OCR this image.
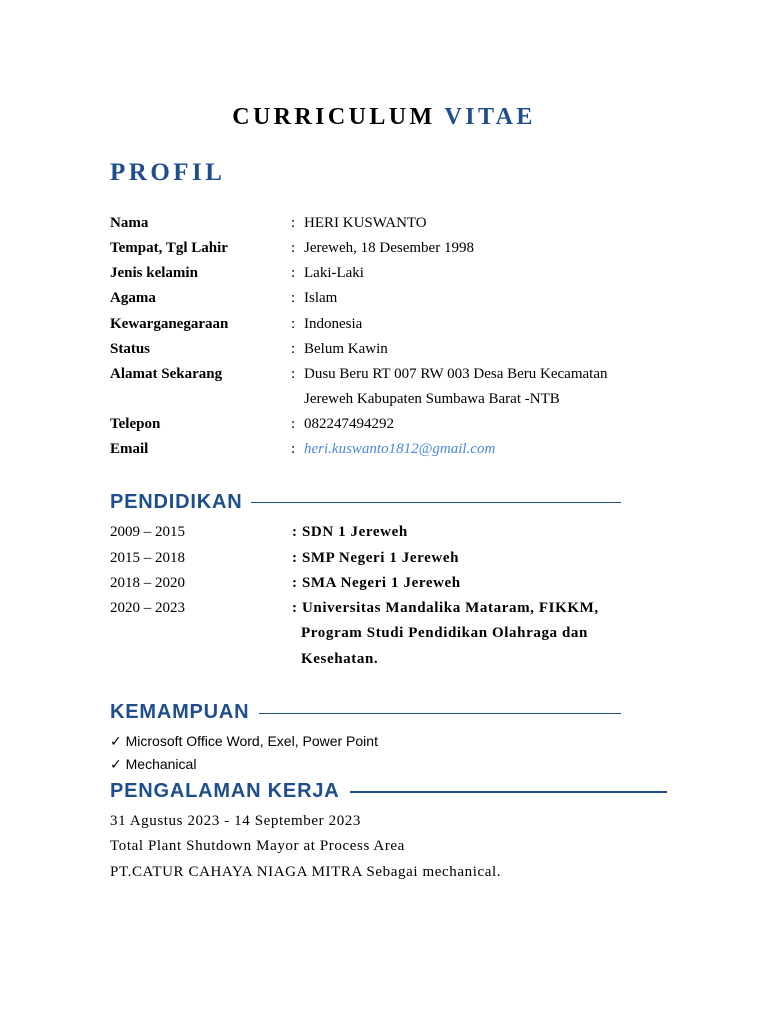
CURRICULUM VITAE
PROFIL
Nama	: HERI KUSWANTO
Tempat, Tgl Lahir	: Jereweh, 18 Desember 1998
Jenis kelamin	: Laki-Laki
Agama	: Islam
Kewarganegaraan	: Indonesia
Status	: Belum Kawin
Alamat Sekarang	: Dusu Beru RT 007 RW 003 Desa Beru Kecamatan
Jereweh Kabupaten Sumbawa Barat -NTB
Telepon	: 082247494292
Email	: heri.kuswanto1812@gmail.com
PENDIDIKAN
2009 – 2015	: SDN 1 Jereweh
2015 – 2018	: SMP Negeri 1 Jereweh
2018 – 2020	: SMA Negeri 1 Jereweh
2020 – 2023	: Universitas Mandalika Mataram, FIKKM,
Program Studi Pendidikan Olahraga dan
Kesehatan.
KEMAMPUAN
✓ Microsoft Office Word, Exel, Power Point
✓ Mechanical
PENGALAMAN KERJA
31 Agustus 2023 - 14 September 2023
Total Plant Shutdown Mayor at Process Area
PT.CATUR CAHAYA NIAGA MITRA Sebagai mechanical.
